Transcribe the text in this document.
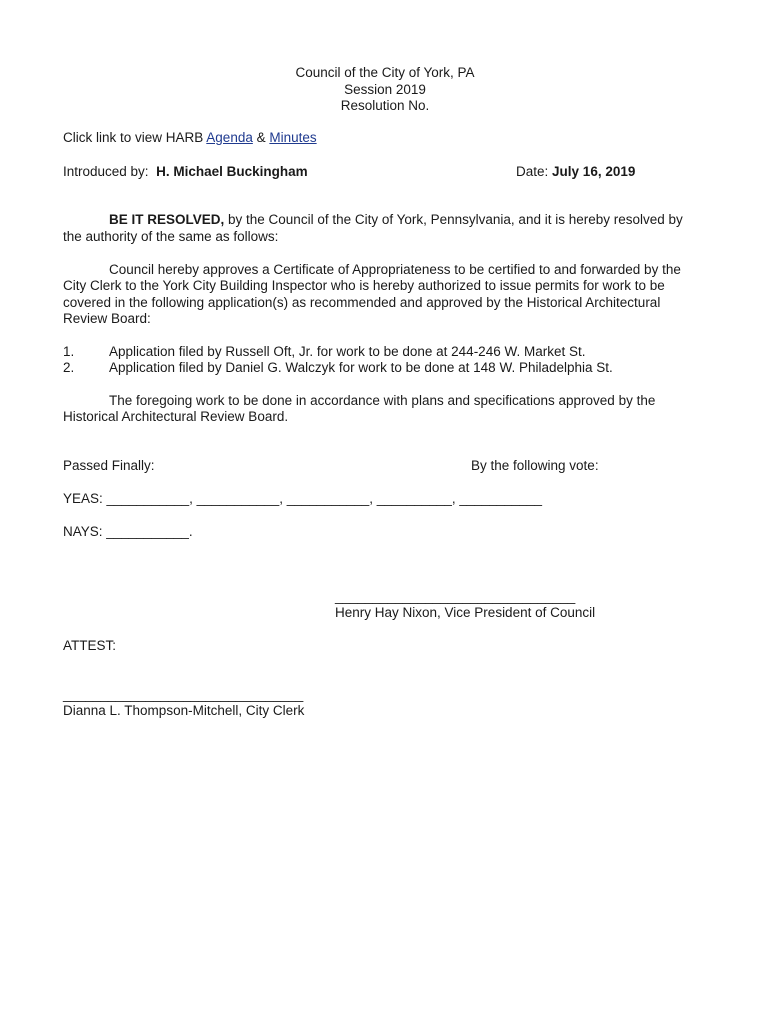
Council of the City of York, PA
Session 2019
Resolution No.
Click link to view HARB Agenda & Minutes
Introduced by: H. Michael Buckingham	Date: July 16, 2019
BE IT RESOLVED, by the Council of the City of York, Pennsylvania, and it is hereby resolved by
the authority of the same as follows:
Council hereby approves a Certificate of Appropriateness to be certified to and forwarded by the
City Clerk to the York City Building Inspector who is hereby authorized to issue permits for work to be
covered in the following application(s) as recommended and approved by the Historical Architectural
Review Board:
1.	Application filed by Russell Oft, Jr. for work to be done at 244-246 W. Market St.
2.	Application filed by Daniel G. Walczyk for work to be done at 148 W. Philadelphia St.
The foregoing work to be done in accordance with plans and specifications approved by the
Historical Architectural Review Board.
Passed Finally:	By the following vote:
YEAS: ___________, ___________, ___________, __________, ___________
NAYS: ___________.
________________________________
Henry Hay Nixon, Vice President of Council
ATTEST:
________________________________
Dianna L. Thompson-Mitchell, City Clerk
